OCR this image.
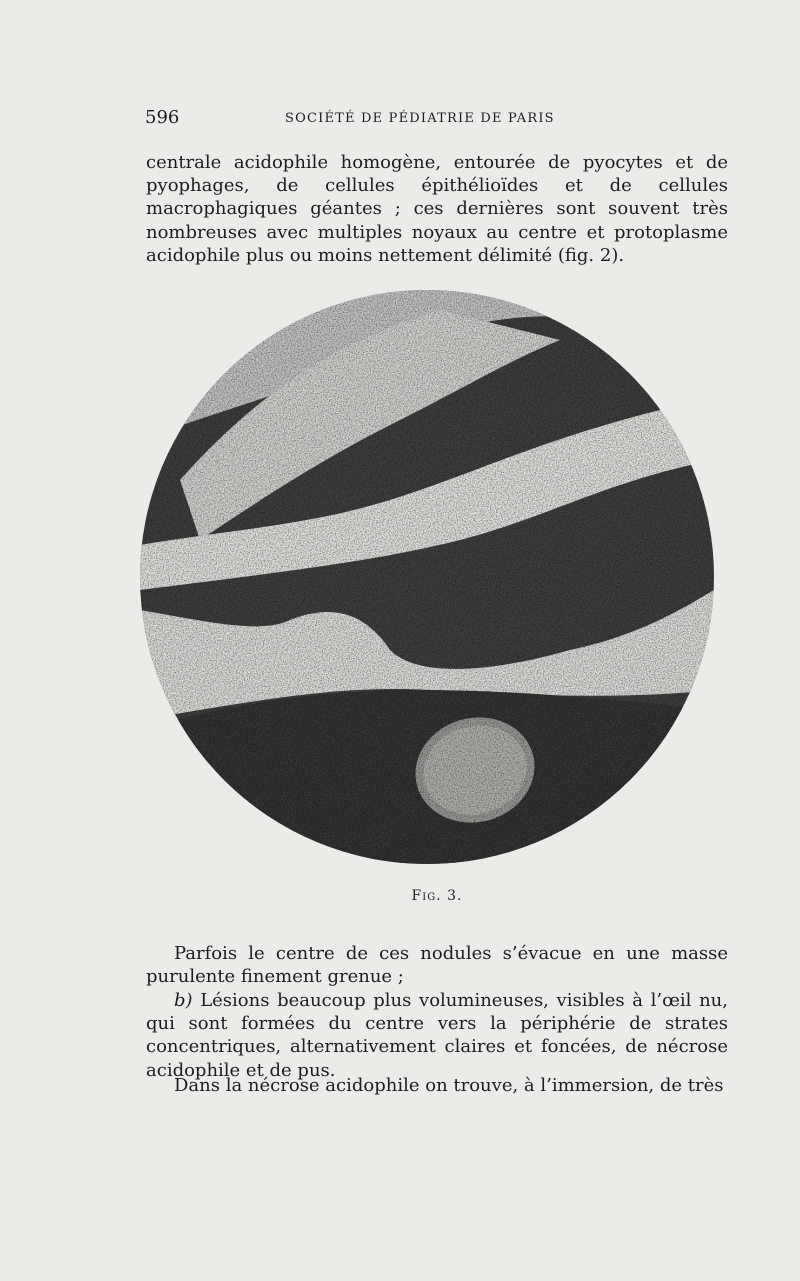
596	SOCIÉTÉ DE PÉDIATRIE DE PARIS

centrale acidophile homogène, entourée de pyocytes et de pyophages, de cellules épithélioïdes et de cellules macrophagiques géantes ; ces dernières sont souvent très nombreuses avec multiples noyaux au centre et protoplasme acidophile plus ou moins nettement délimité (fig. 2).

Fig. 3.

Parfois le centre de ces nodules s’évacue en une masse purulente finement grenue ;

b) Lésions beaucoup plus volumineuses, visibles à l’œil nu, qui sont formées du centre vers la périphérie de strates concentriques, alternativement claires et foncées, de nécrose acidophile et de pus.

Dans la nécrose acidophile on trouve, à l’immersion, de très
